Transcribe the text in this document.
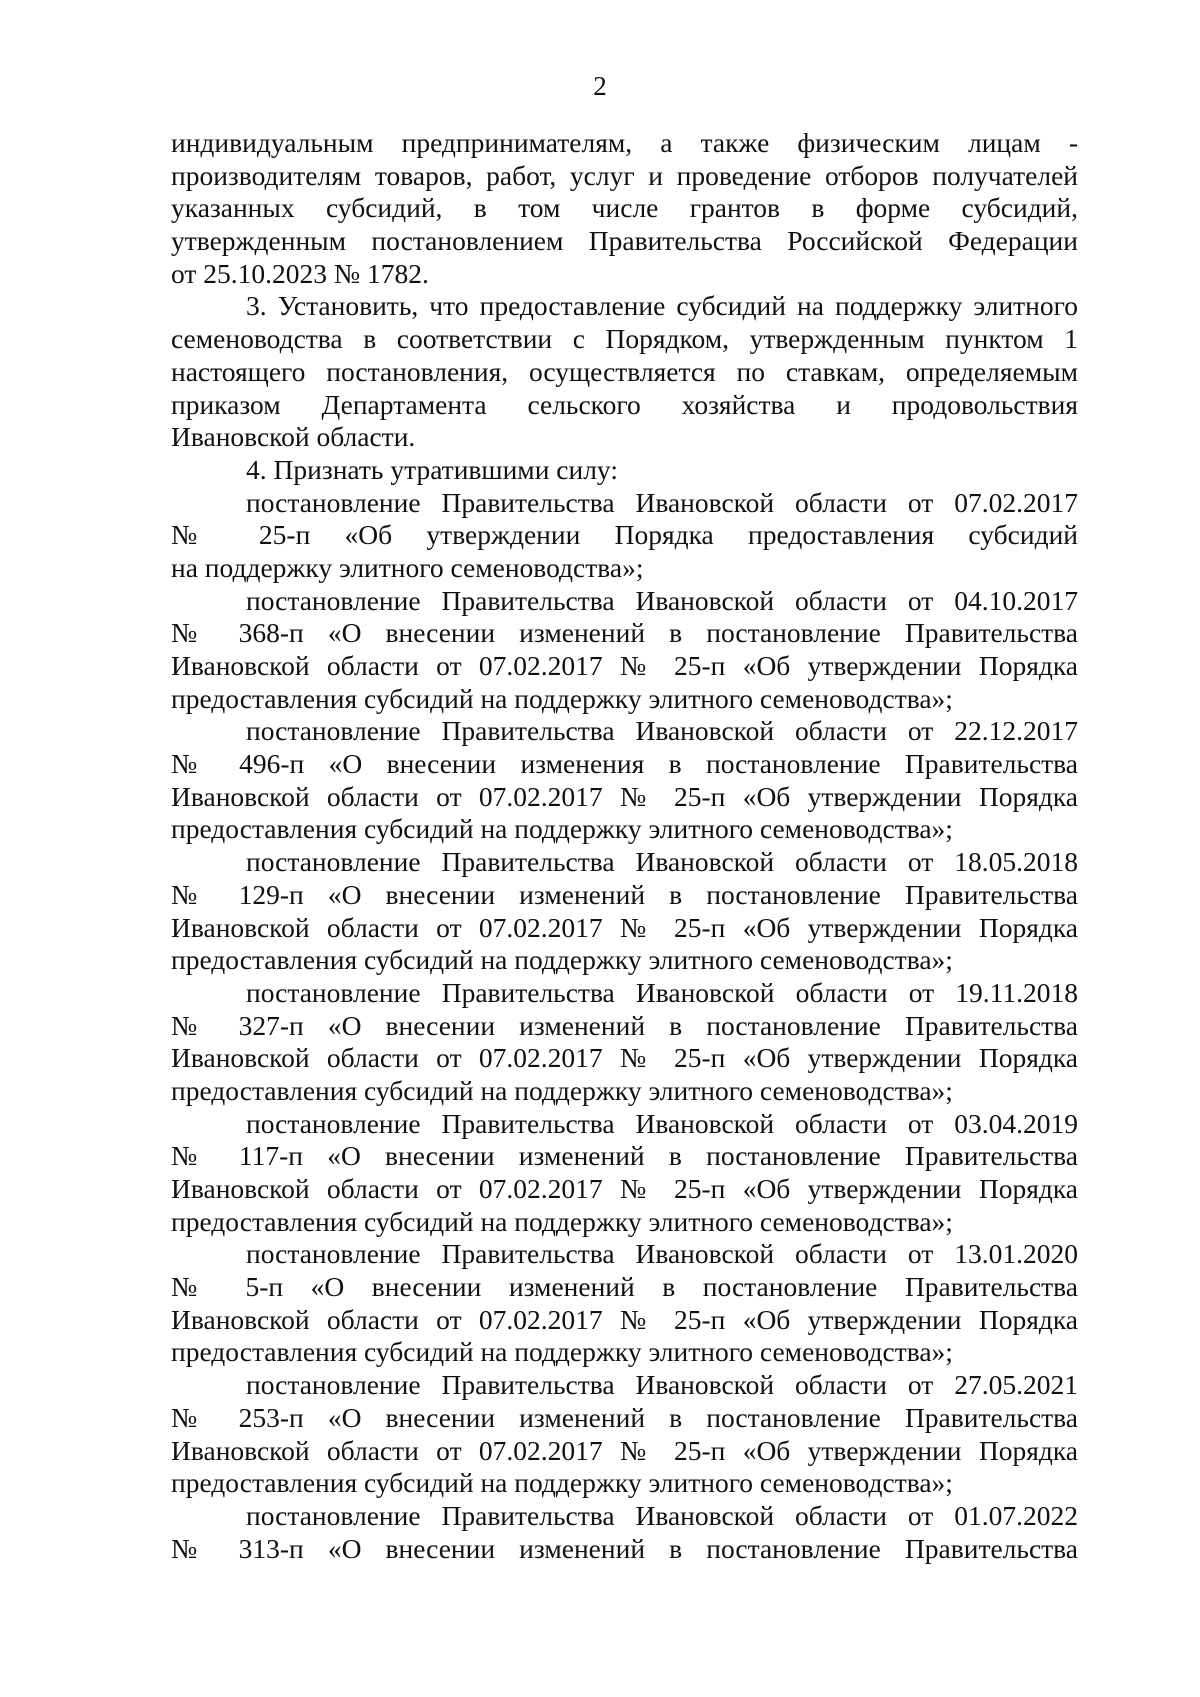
2
индивидуальным предпринимателям, а также физическим лицам -
производителям товаров, работ, услуг и проведение отборов получателей
указанных субсидий, в том числе грантов в форме субсидий,
утвержденным постановлением Правительства Российской Федерации
от 25.10.2023 № 1782.
3. Установить, что предоставление субсидий на поддержку элитного
семеноводства в соответствии с Порядком, утвержденным пунктом 1
настоящего постановления, осуществляется по ставкам, определяемым
приказом Департамента сельского хозяйства и продовольствия
Ивановской области.
4. Признать утратившими силу:
постановление Правительства Ивановской области от 07.02.2017
№ 25-п «Об утверждении Порядка предоставления субсидий
на поддержку элитного семеноводства»;
постановление Правительства Ивановской области от 04.10.2017
№ 368-п «О внесении изменений в постановление Правительства
Ивановской области от 07.02.2017 № 25-п «Об утверждении Порядка
предоставления субсидий на поддержку элитного семеноводства»;
постановление Правительства Ивановской области от 22.12.2017
№ 496-п «О внесении изменения в постановление Правительства
Ивановской области от 07.02.2017 № 25-п «Об утверждении Порядка
предоставления субсидий на поддержку элитного семеноводства»;
постановление Правительства Ивановской области от 18.05.2018
№ 129-п «О внесении изменений в постановление Правительства
Ивановской области от 07.02.2017 № 25-п «Об утверждении Порядка
предоставления субсидий на поддержку элитного семеноводства»;
постановление Правительства Ивановской области от 19.11.2018
№ 327-п «О внесении изменений в постановление Правительства
Ивановской области от 07.02.2017 № 25-п «Об утверждении Порядка
предоставления субсидий на поддержку элитного семеноводства»;
постановление Правительства Ивановской области от 03.04.2019
№ 117-п «О внесении изменений в постановление Правительства
Ивановской области от 07.02.2017 № 25-п «Об утверждении Порядка
предоставления субсидий на поддержку элитного семеноводства»;
постановление Правительства Ивановской области от 13.01.2020
№ 5-п «О внесении изменений в постановление Правительства
Ивановской области от 07.02.2017 № 25-п «Об утверждении Порядка
предоставления субсидий на поддержку элитного семеноводства»;
постановление Правительства Ивановской области от 27.05.2021
№ 253-п «О внесении изменений в постановление Правительства
Ивановской области от 07.02.2017 № 25-п «Об утверждении Порядка
предоставления субсидий на поддержку элитного семеноводства»;
постановление Правительства Ивановской области от 01.07.2022
№ 313-п «О внесении изменений в постановление Правительства
